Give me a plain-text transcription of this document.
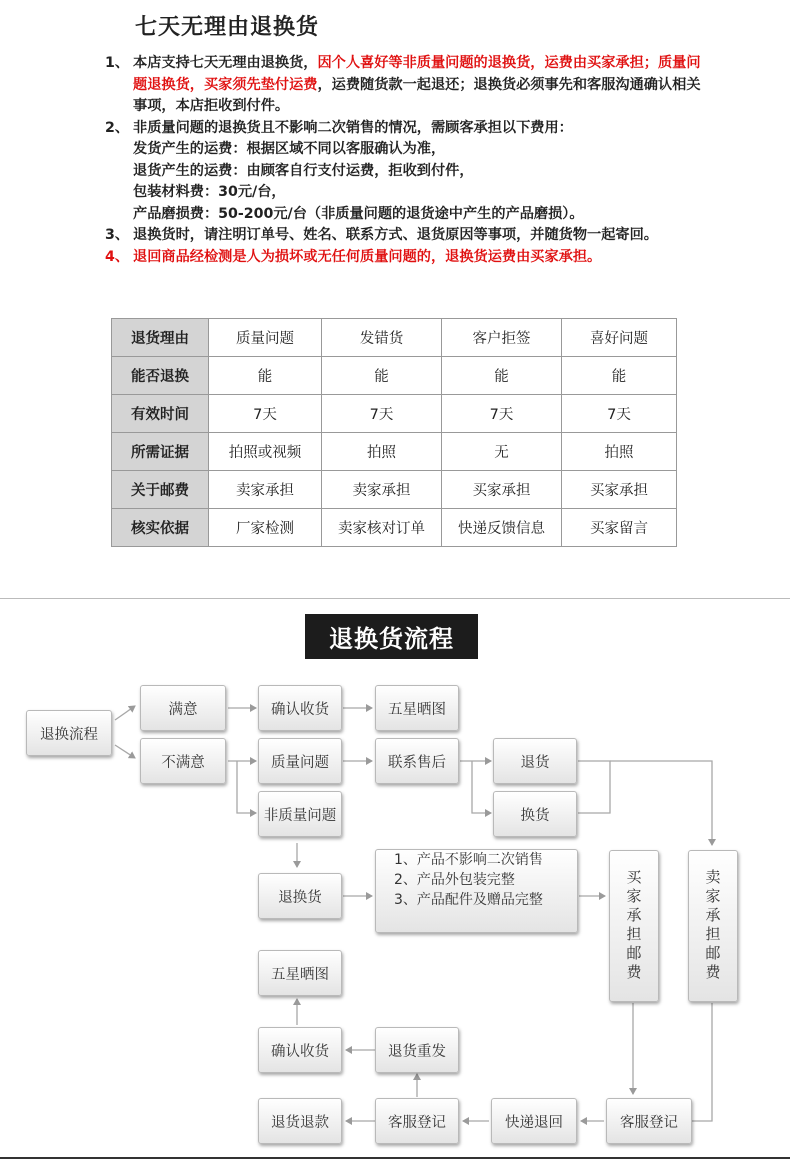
七天无理由退换货
1、 本店支持七天无理由退换货，因个人喜好等非质量问题的退换货，运费由买家承担；质量问题退换货，买家须先垫付运费，运费随货款一起退还；退换货必须事先和客服沟通确认相关事项，本店拒收到付件。
2、 非质量问题的退换货且不影响二次销售的情况，需顾客承担以下费用：
发货产生的运费：根据区域不同以客服确认为准，
退货产生的运费：由顾客自行支付运费，拒收到付件，
包装材料费：30元/台，
产品磨损费：50-200元/台（非质量问题的退货途中产生的产品磨损）。
3、 退换货时，请注明订单号、姓名、联系方式、退货原因等事项，并随货物一起寄回。
4、 退回商品经检测是人为损坏或无任何质量问题的，退换货运费由买家承担。
退货理由	质量问题	发错货	客户拒签	喜好问题
能否退换	能	能	能	能
有效时间	7天	7天	7天	7天
所需证据	拍照或视频	拍照	无	拍照
关于邮费	卖家承担	卖家承担	买家承担	买家承担
核实依据	厂家检测	卖家核对订单	快递反馈信息	买家留言
退换货流程
退换流程
满意
不满意
确认收货	五星晒图
质量问题	联系售后	退货
换货
非质量问题
退换货
1、产品不影响二次销售
2、产品外包装完整
3、产品配件及赠品完整	买家承担邮费	卖家承担邮费
五星晒图
确认收货	退货重发
退货退款	客服登记	快递退回	客服登记
